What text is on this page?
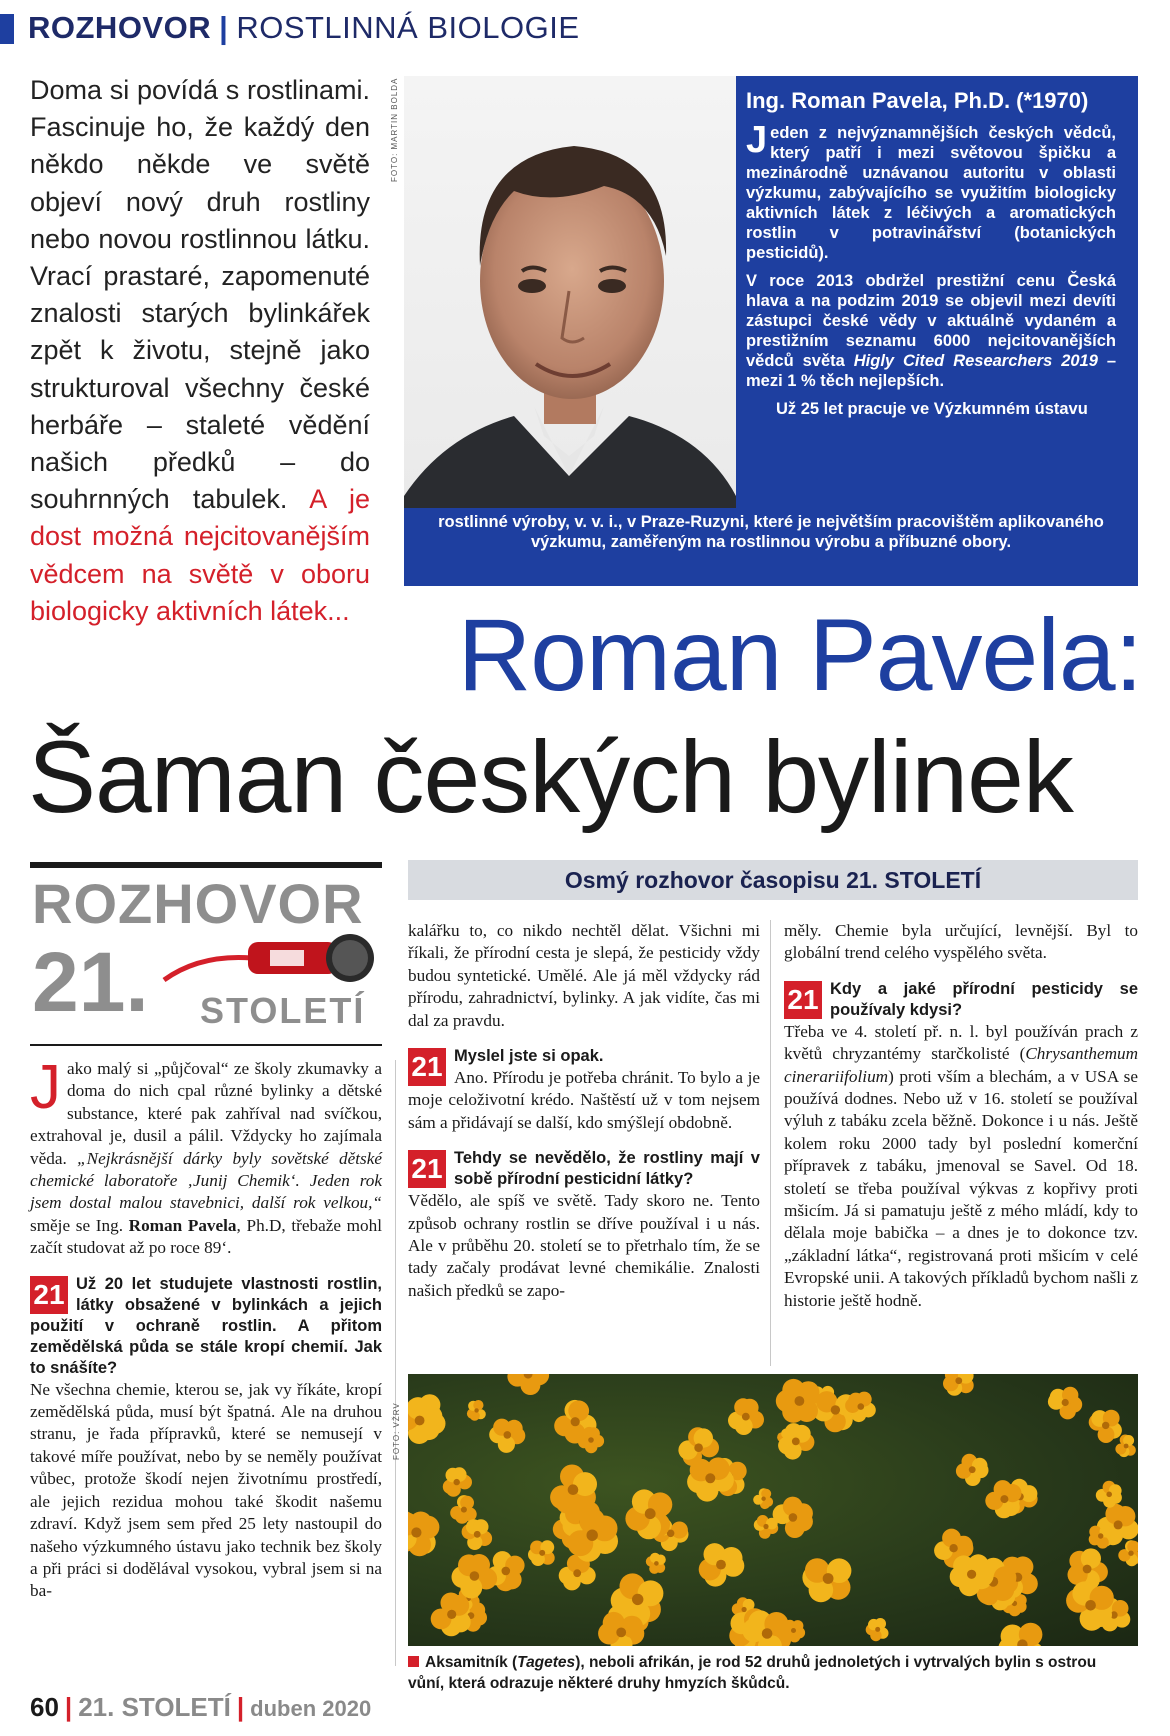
ROZHOVOR | ROSTLINNÁ BIOLOGIE
Doma si povídá s rostlinami. Fascinuje ho, že každý den někdo někde ve světě objeví nový druh rostliny nebo novou rostlinnou látku. Vrací prastaré, zapomenuté znalosti starých bylinkářek zpět k životu, stejně jako strukturoval všechny české herbáře – staleté vědění našich předků – do souhrnných tabulek. A je dost možná nejcitovanějším vědcem na světě v oboru biologicky aktivních látek...
FOTO: MARTIN BOLDA	Ing. Roman Pavela, Ph.D. (*1970)

Jeden z nejvýznamnějších českých vědců, který patří i mezi světovou špičku a mezinárodně uznávanou autoritu v oblasti výzkumu, zabývajícího se využitím biologicky aktivních látek z léčivých a aromatických rostlin v potravinářství (botanických pesticidů).

V roce 2013 obdržel prestižní cenu Česká hlava a na podzim 2019 se objevil mezi devíti zástupci české vědy v aktuálně vydaném a prestižním seznamu 6000 nejcitovanějších vědců světa Higly Cited Researchers 2019 – mezi 1 % těch nejlepších.

Už 25 let pracuje ve Výzkumném ústavu

rostlinné výroby, v. v. i., v Praze-Ruzyni, které je největším pracovištěm aplikovaného výzkumu, zaměřeným na rostlinnou výrobu a příbuzné obory.

Roman Pavela:
Šaman českých bylinek
ROZHOVOR
21. STOLETÍ
Osmý rozhovor časopisu 21. STOLETÍ

Jako malý si „půjčoval“ ze školy zkumavky a doma do nich cpal různé bylinky a dětské substance, které pak zahříval nad svíčkou, extrahoval je, dusil a pálil. Vždycky ho zajímala věda. „Nejkrásnější dárky byly sovětské dětské chemické laboratoře ‚Junij Chemik‘. Jeden rok jsem dostal malou stavebnici, další rok velkou,“ směje se Ing. Roman Pavela, Ph.D, třebaže mohl začít studovat až po roce 89‘.

21 Už 20 let studujete vlastnosti rostlin, látky obsažené v bylinkách a jejich použití v ochraně rostlin. A přitom zemědělská půda se stále kropí chemií. Jak to snášíte?

Ne všechna chemie, kterou se, jak vy říkáte, kropí zemědělská půda, musí být špatná. Ale na druhou stranu, je řada přípravků, které se nemusejí v takové míře používat, nebo by se neměly používat vůbec, protože škodí nejen životnímu prostředí, ale jejich rezidua mohou také škodit našemu zdraví. Když jsem sem před 25 lety nastoupil do našeho výzkumného ústavu jako technik bez školy a při práci si dodělával vysokou, vybral jsem si na ba-

kalářku to, co nikdo nechtěl dělat. Všichni mi říkali, že přírodní cesta je slepá, že pesticidy vždy budou syntetické. Umělé. Ale já měl vždycky rád přírodu, zahradnictví, bylinky. A jak vidíte, čas mi dal za pravdu.

21 Myslel jste si opak.

Ano. Přírodu je potřeba chránit. To bylo a je moje celoživotní krédo. Naštěstí už v tom nejsem sám a přidávají se další, kdo smýšlejí obdobně.

21 Tehdy se nevědělo, že rostliny mají v sobě přírodní pesticidní látky?

Vědělo, ale spíš ve světě. Tady skoro ne. Tento způsob ochrany rostlin se dříve používal i u nás. Ale v průběhu 20. století se to přetrhalo tím, že se tady začaly prodávat levné chemikálie. Znalosti našich předků se zapo-

měly. Chemie byla určující, levnější. Byl to globální trend celého vyspělého světa.

21 Kdy a jaké přírodní pesticidy se používaly kdysi?

Třeba ve 4. století př. n. l. byl používán prach z květů chryzantémy starčkolisté (Chrysanthemum cinerariifolium) proti vším a blechám, a v USA se používá dodnes. Nebo už v 16. století se používal výluh z tabáku zcela běžně. Dokonce i u nás. Ještě kolem roku 2000 tady byl poslední komerční přípravek z tabáku, jmenoval se Savel. Od 18. století se třeba používal výkvas z kopřivy proti mšicím. Já si pamatuju ještě z mého mládí, kdy to dělala moje babička – a dnes je to dokonce tzv. „základní látka“, registrovaná proti mšicím v celé Evropské unii. A takových příkladů bychom našli z historie ještě hodně.

FOTO: VŽRV
Aksamitník (Tagetes), neboli afrikán, je rod 52 druhů jednoletých i vytrvalých bylin s ostrou vůní, která odrazuje některé druhy hmyzích škůdců.
60 | 21. STOLETÍ | duben 2020
